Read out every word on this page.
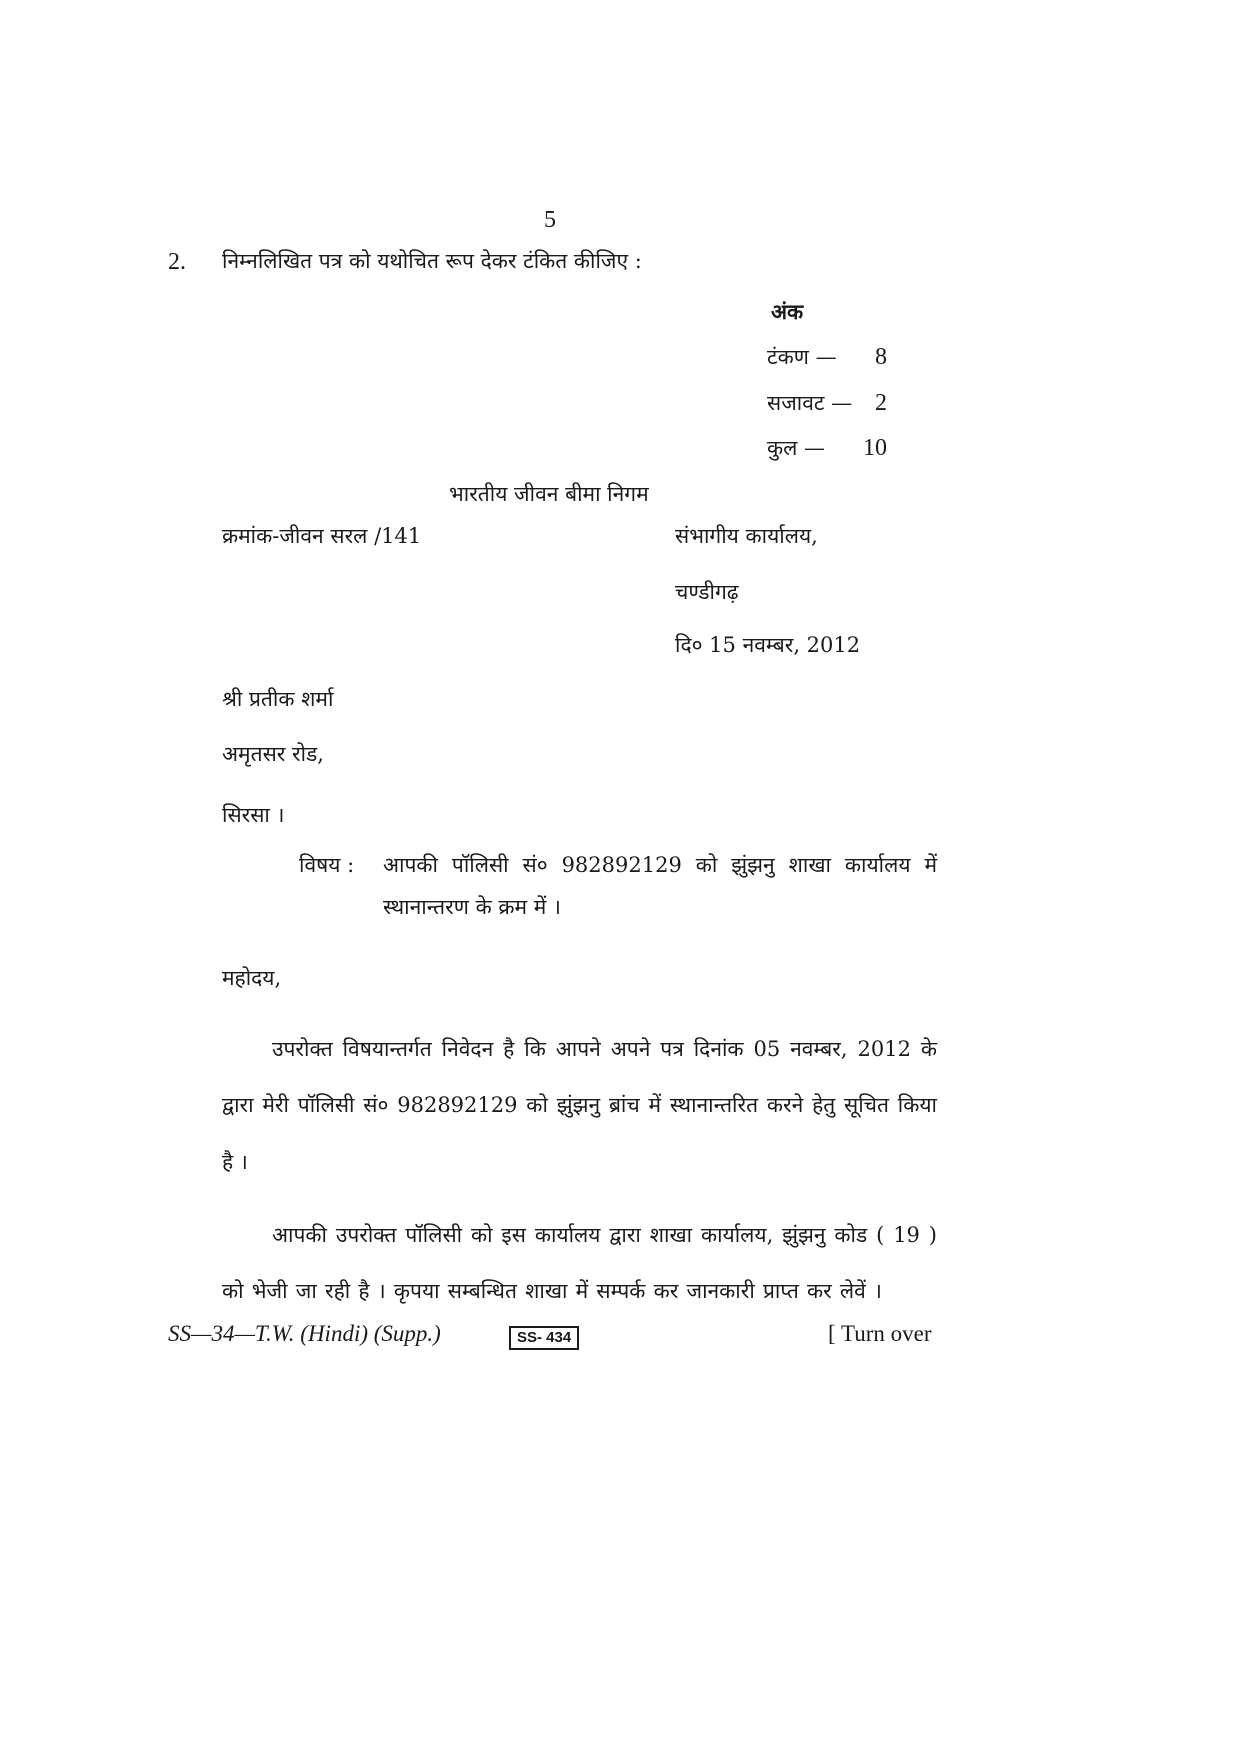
5
2. निम्नलिखित पत्र को यथोचित रूप देकर टंकित कीजिए :
अंक
टंकण — 8
सजावट — 2
कुल — 10
भारतीय जीवन बीमा निगम
क्रमांक-जीवन सरल /141	संभागीय कार्यालय,
चण्डीगढ़
दि० 15 नवम्बर, 2012
श्री प्रतीक शर्मा
अमृतसर रोड,
सिरसा ।
विषय : आपकी पॉलिसी सं० 982892129 को झुंझनु शाखा कार्यालय में
स्थानान्तरण के क्रम में ।
महोदय,
उपरोक्त विषयान्तर्गत निवेदन है कि आपने अपने पत्र दिनांक 05 नवम्बर, 2012 के
द्वारा मेरी पॉलिसी सं० 982892129 को झुंझनु ब्रांच में स्थानान्तरित करने हेतु सूचित किया
है ।
आपकी उपरोक्त पॉलिसी को इस कार्यालय द्वारा शाखा कार्यालय, झुंझनु कोड ( 19 )
को भेजी जा रही है । कृपया सम्बन्धित शाखा में सम्पर्क कर जानकारी प्राप्त कर लेवें ।
SS—34—T.W. (Hindi) (Supp.)	SS- 434	[ Turn over
